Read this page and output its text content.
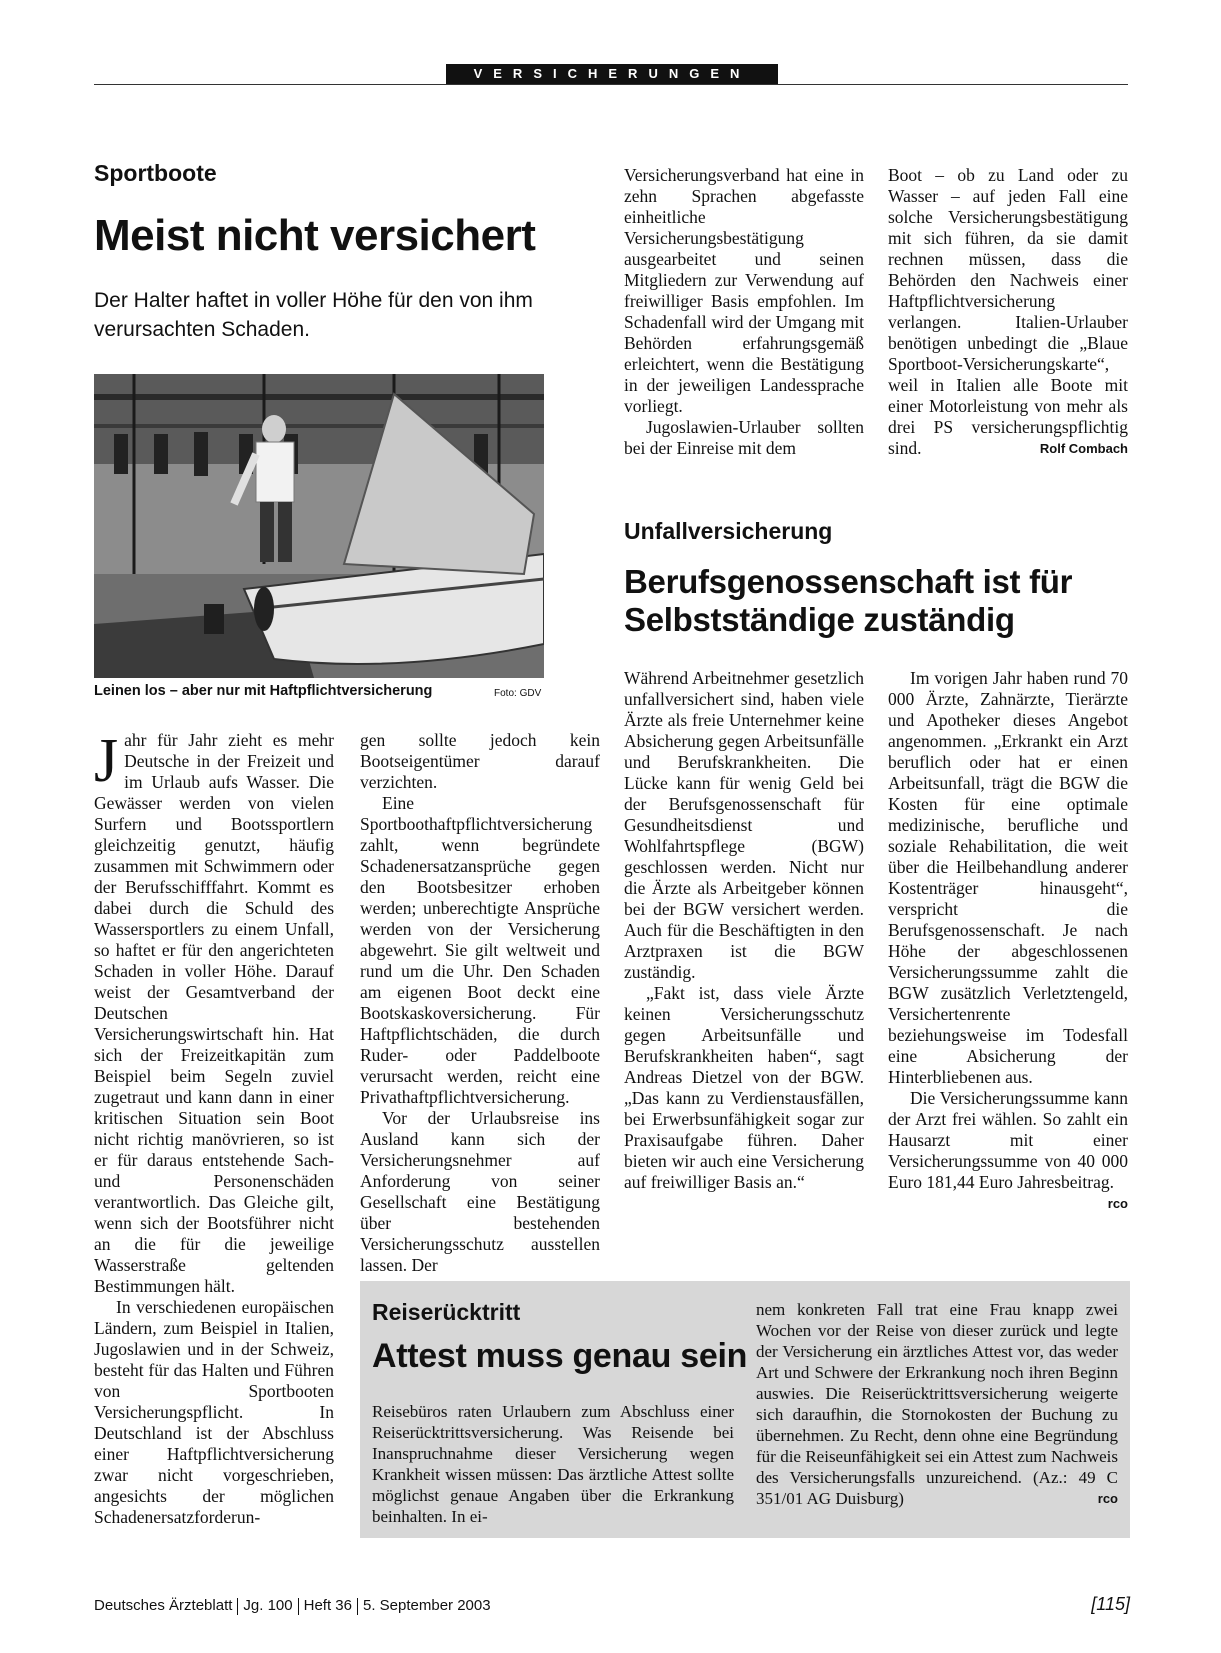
VERSICHERUNGEN
Sportboote
Meist nicht versichert
Der Halter haftet in voller Höhe für den von ihm verursachten Schaden.
Leinen los – aber nur mit Haftpflichtversicherung	Foto: GDV
J ahr für Jahr zieht es mehr Deutsche in der Freizeit und im Urlaub aufs Wasser. Die Gewässer werden von vielen Surfern und Bootssportlern gleichzeitig genutzt, häufig zusammen mit Schwimmern oder der Berufsschifffahrt. Kommt es dabei durch die Schuld des Wassersportlers zu einem Unfall, so haftet er für den angerichteten Schaden in voller Höhe. Darauf weist der Gesamtverband der Deutschen Versicherungswirtschaft hin. Hat sich der Freizeitkapitän zum Beispiel beim Segeln zuviel zugetraut und kann dann in einer kritischen Situation sein Boot nicht richtig manövrieren, so ist er für daraus entstehende Sach- und Personenschäden verantwortlich. Das Gleiche gilt, wenn sich der Bootsführer nicht an die für die jeweilige Wasserstraße geltenden Bestimmungen hält.

In verschiedenen europäischen Ländern, zum Beispiel in Italien, Jugoslawien und in der Schweiz, besteht für das Halten und Führen von Sportbooten Versicherungspflicht. In Deutschland ist der Abschluss einer Haftpflichtversicherung zwar nicht vorgeschrieben, angesichts der möglichen Schadenersatzforderun-

gen sollte jedoch kein Bootseigentümer darauf verzichten.

Eine Sportboothaftpflichtversicherung zahlt, wenn begründete Schadenersatzansprüche gegen den Bootsbesitzer erhoben werden; unberechtigte Ansprüche werden von der Versicherung abgewehrt. Sie gilt weltweit und rund um die Uhr. Den Schaden am eigenen Boot deckt eine Bootskaskoversicherung. Für Haftpflichtschäden, die durch Ruder- oder Paddelboote verursacht werden, reicht eine Privathaftpflichtversicherung.

Vor der Urlaubsreise ins Ausland kann sich der Versicherungsnehmer auf Anforderung von seiner Gesellschaft eine Bestätigung über bestehenden Versicherungsschutz ausstellen lassen. Der

Versicherungsverband hat eine in zehn Sprachen abgefasste einheitliche Versicherungsbestätigung ausgearbeitet und seinen Mitgliedern zur Verwendung auf freiwilliger Basis empfohlen. Im Schadenfall wird der Umgang mit Behörden erfahrungsgemäß erleichtert, wenn die Bestätigung in der jeweiligen Landessprache vorliegt.

Jugoslawien-Urlauber sollten bei der Einreise mit dem

Boot – ob zu Land oder zu Wasser – auf jeden Fall eine solche Versicherungsbestätigung mit sich führen, da sie damit rechnen müssen, dass die Behörden den Nachweis einer Haftpflichtversicherung verlangen. Italien-Urlauber benötigen unbedingt die „Blaue Sportboot-Versicherungskarte“, weil in Italien alle Boote mit einer Motorleistung von mehr als drei PS versicherungspflichtig sind.	Rolf Combach

Unfallversicherung
Berufsgenossenschaft ist für
Selbstständige zuständig

Während Arbeitnehmer gesetzlich unfallversichert sind, haben viele Ärzte als freie Unternehmer keine Absicherung gegen Arbeitsunfälle und Berufskrankheiten. Die Lücke kann für wenig Geld bei der Berufsgenossenschaft für Gesundheitsdienst und Wohlfahrtspflege (BGW) geschlossen werden. Nicht nur die Ärzte als Arbeitgeber können bei der BGW versichert werden. Auch für die Beschäftigten in den Arztpraxen ist die BGW zuständig.

„Fakt ist, dass viele Ärzte keinen Versicherungsschutz gegen Arbeitsunfälle und Berufskrankheiten haben“, sagt Andreas Dietzel von der BGW. „Das kann zu Verdienstausfällen, bei Erwerbsunfähigkeit sogar zur Praxisaufgabe führen. Daher bieten wir auch eine Versicherung auf freiwilliger Basis an.“

Im vorigen Jahr haben rund 70 000 Ärzte, Zahnärzte, Tierärzte und Apotheker dieses Angebot angenommen. „Erkrankt ein Arzt beruflich oder hat er einen Arbeitsunfall, trägt die BGW die Kosten für eine optimale medizinische, berufliche und soziale Rehabilitation, die weit über die Heilbehandlung anderer Kostenträger hinausgeht“, verspricht die Berufsgenossenschaft. Je nach Höhe der abgeschlossenen Versicherungssumme zahlt die BGW zusätzlich Verletztengeld, Versichertenrente beziehungsweise im Todesfall eine Absicherung der Hinterbliebenen aus.

Die Versicherungssumme kann der Arzt frei wählen. So zahlt ein Hausarzt mit einer Versicherungssumme von 40 000 Euro 181,44 Euro Jahresbeitrag.
rco

Reiserücktritt
Attest muss genau sein
Reisebüros raten Urlaubern zum Abschluss einer Reiserücktrittsversicherung. Was Reisende bei Inanspruchnahme dieser Versicherung wegen Krankheit wissen müssen: Das ärztliche Attest sollte möglichst genaue Angaben über die Erkrankung beinhalten. In ei-
nem konkreten Fall trat eine Frau knapp zwei Wochen vor der Reise von dieser zurück und legte der Versicherung ein ärztliches Attest vor, das weder Art und Schwere der Erkrankung noch ihren Beginn auswies. Die Reiserücktrittsversicherung weigerte sich daraufhin, die Stornokosten der Buchung zu übernehmen. Zu Recht, denn ohne eine Begründung für die Reiseunfähigkeit sei ein Attest zum Nachweis des Versicherungsfalls unzureichend. (Az.: 49 C 351/01 AG Duisburg)	rco
Deutsches Ärzteblatt Jg. 100 Heft 36 5. September 2003	[115]
